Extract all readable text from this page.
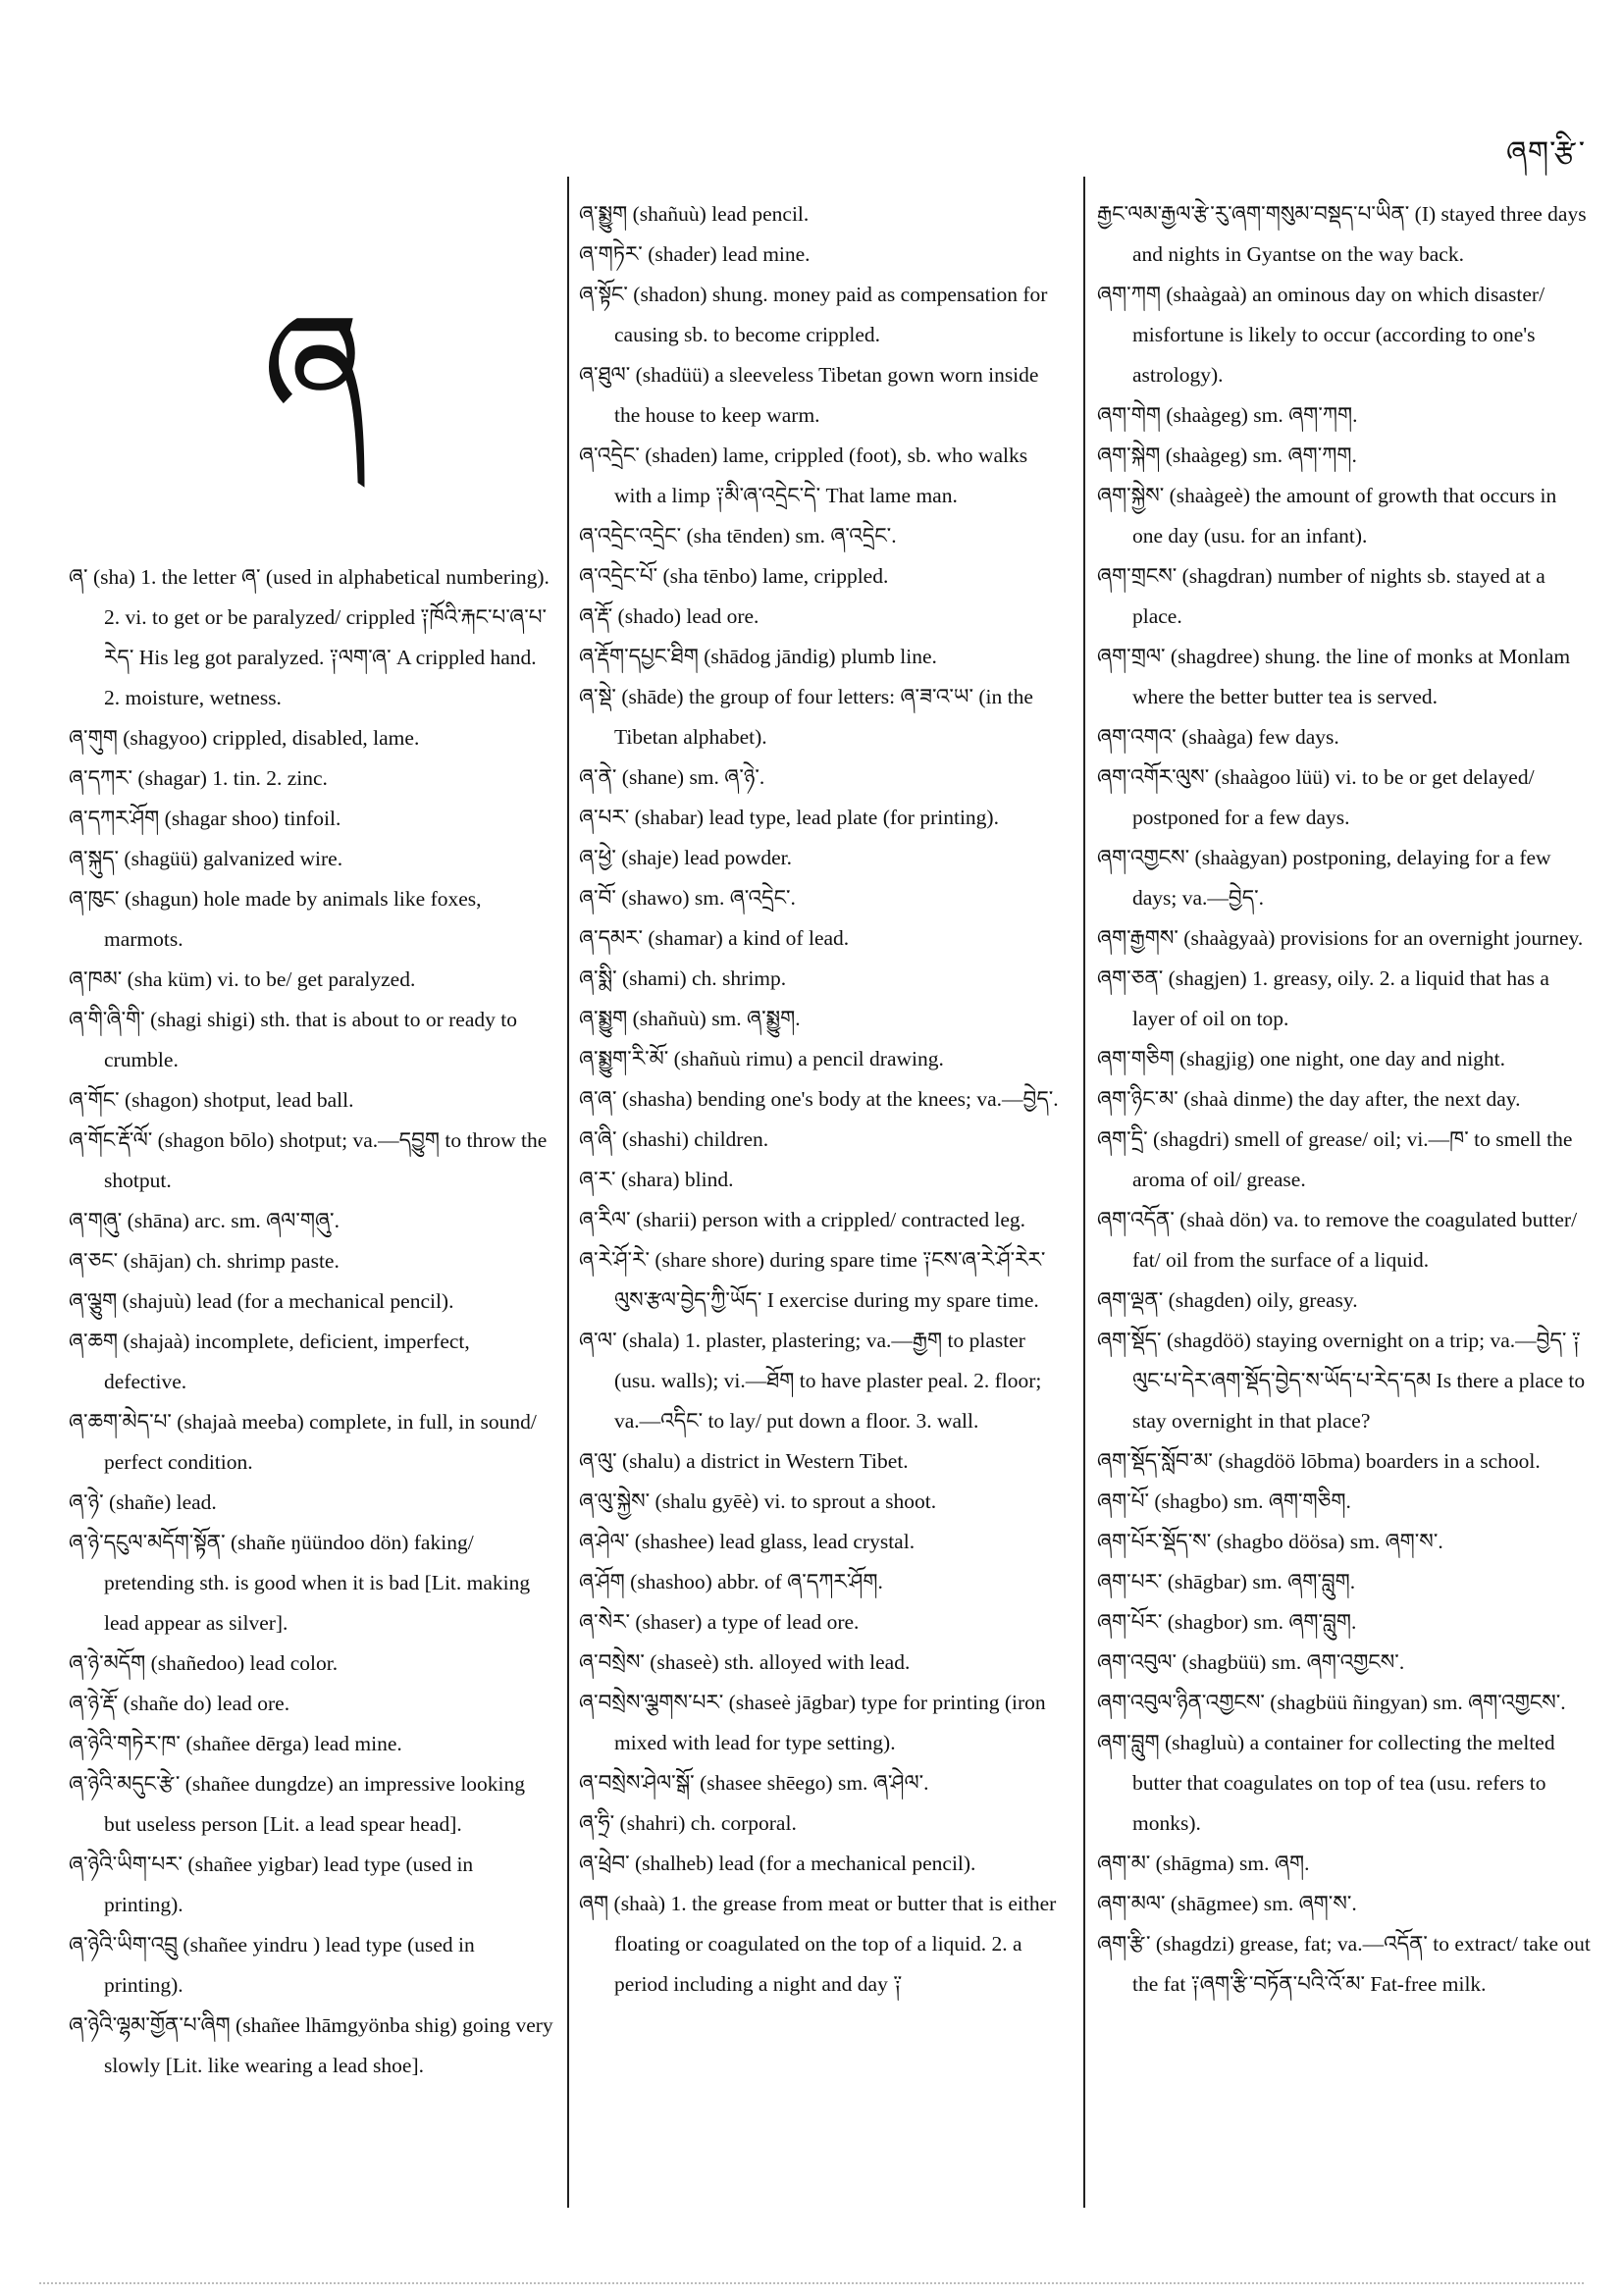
ཞག་རྩི་
ཞ

ཞ་ (sha) 1. the letter ཞ་ (used in alphabetical numbering). 2. vi. to get or be paralyzed/ crippled ༑ཁོའི་རྐང་པ་ཞ་པ་རེད་ His leg got paralyzed. ༑ལག་ཞ་ A crippled hand. 2. moisture, wetness.

ཞ་གུག (shagyoo) crippled, disabled, lame.

ཞ་དཀར་ (shagar) 1. tin. 2. zinc.

ཞ་དཀར་ཤོག (shagar shoo) tinfoil.

ཞ་སྐུད་ (shagüü) galvanized wire.

ཞ་ཁུང་ (shagun) hole made by animals like foxes, marmots.

ཞ་ཁམ་ (sha küm) vi. to be/ get paralyzed.

ཞ་གི་ཞི་གི་ (shagi shigi) sth. that is about to or ready to crumble.

ཞ་གོང་ (shagon) shotput, lead ball.

ཞ་གོང་རྡོ་ལོ་ (shagon bōlo) shotput; va.—དབྱུག to throw the shotput.

ཞ་གཞུ་ (shāna) arc. sm. ཞལ་གཞུ་.

ཞ་ཅང་ (shājan) ch. shrimp paste.

ཞ་ལྕུག (shajuù) lead (for a mechanical pencil).

ཞ་ཆག (shajaà) incomplete, deficient, imperfect, defective.

ཞ་ཆག་མེད་པ་ (shajaà meeba) complete, in full, in sound/ perfect condition.

ཞ་ཉེ་ (shañe) lead.

ཞ་ཉེ་དངུལ་མདོག་སྟོན་ (shañe ŋüündoo dön) faking/ pretending sth. is good when it is bad [Lit. making lead appear as silver].

ཞ་ཉེ་མདོག (shañedoo) lead color.

ཞ་ཉེ་རྡོ་ (shañe do) lead ore.

ཞ་ཉེའི་གཏེར་ཁ་ (shañee dērga) lead mine.

ཞ་ཉེའི་མདུང་རྩེ་ (shañee dungdze) an impressive looking but useless person [Lit. a lead spear head].

ཞ་ཉེའི་ཡིག་པར་ (shañee yigbar) lead type (used in printing).

ཞ་ཉེའི་ཡིག་འབྲུ (shañee yindru ) lead type (used in printing).

ཞ་ཉེའི་ལྷམ་གྱོན་པ་ཞིག (shañee lhāmgyönba shig) going very slowly [Lit. like wearing a lead shoe].

ཞ་སྨྱུག (shañuù) lead pencil.

ཞ་གཏེར་ (shader) lead mine.

ཞ་སྟོང་ (shadon) shung. money paid as compensation for causing sb. to become crippled.

ཞ་ཐུལ་ (shadüü) a sleeveless Tibetan gown worn inside the house to keep warm.

ཞ་འདྲེང་ (shaden) lame, crippled (foot), sb. who walks with a limp ༑མི་ཞ་འདྲེང་དེ་ That lame man.

ཞ་འདྲེང་འདྲེང་ (sha tēnden) sm. ཞ་འདྲེང་.

ཞ་འདྲེང་པོ་ (sha tēnbo) lame, crippled.

ཞ་རྡོ་ (shado) lead ore.

ཞ་རྡོག་དཔྱང་ཐིག (shādog jāndig) plumb line.

ཞ་སྡེ་ (shāde) the group of four letters: ཞ་ཟ་འ་ཡ་ (in the Tibetan alphabet).

ཞ་ནེ་ (shane) sm. ཞ་ཉེ་.

ཞ་པར་ (shabar) lead type, lead plate (for printing).

ཞ་ཕྱེ་ (shaje) lead powder.

ཞ་བོ་ (shawo) sm. ཞ་འདྲེང་.

ཞ་དམར་ (shamar) a kind of lead.

ཞ་སྨི་ (shami) ch. shrimp.

ཞ་སྨྱུག (shañuù) sm. ཞ་སྨྱུག.

ཞ་སྨྱུག་རི་མོ་ (shañuù rimu) a pencil drawing.

ཞ་ཞ་ (shasha) bending one's body at the knees; va.—བྱེད་.

ཞ་ཞི་ (shashi) children.

ཞ་ར་ (shara) blind.

ཞ་རིལ་ (sharii) person with a crippled/ contracted leg.

ཞ་རེ་ཤོ་རེ་ (share shore) during spare time ༑ངས་ཞ་རེ་ཤོ་རེར་ལུས་རྩལ་བྱེད་ཀྱི་ཡོད་ I exercise during my spare time.

ཞ་ལ་ (shala) 1. plaster, plastering; va.—རྒྱག to plaster (usu. walls); vi.—ཐོག to have plaster peal. 2. floor; va.—འདིང་ to lay/ put down a floor. 3. wall.

ཞ་ལུ་ (shalu) a district in Western Tibet.

ཞ་ལུ་སྐྱེས་ (shalu gyēè) vi. to sprout a shoot.

ཞ་ཤེལ་ (shashee) lead glass, lead crystal.

ཞ་ཤོག (shashoo) abbr. of ཞ་དཀར་ཤོག.

ཞ་སེར་ (shaser) a type of lead ore.

ཞ་བསྲེས་ (shaseè) sth. alloyed with lead.

ཞ་བསྲེས་ལྕགས་པར་ (shaseè jāgbar) type for printing (iron mixed with lead for type setting).

ཞ་བསྲེས་ཤེལ་སྒོ་ (shasee shēego) sm. ཞ་ཤེལ་.

ཞ་ཧྲི་ (shahri) ch. corporal.

ཞ་ཕྲེབ་ (shalheb) lead (for a mechanical pencil).

ཞག (shaà) 1. the grease from meat or butter that is either floating or coagulated on the top of a liquid. 2. a period including a night and day ༑

རྒྱང་ལམ་རྒྱལ་རྩེ་རུ་ཞག་གསུམ་བསྡད་པ་ཡིན་ (I) stayed three days and nights in Gyantse on the way back.

ཞག་ཀག (shaàgaà) an ominous day on which disaster/ misfortune is likely to occur (according to one's astrology).

ཞག་གེག (shaàgeg) sm. ཞག་ཀག.

ཞག་སྐེག (shaàgeg) sm. ཞག་ཀག.

ཞག་སྐྱེས་ (shaàgeè) the amount of growth that occurs in one day (usu. for an infant).

ཞག་གྲངས་ (shagdran) number of nights sb. stayed at a place.

ཞག་གྲལ་ (shagdree) shung. the line of monks at Monlam where the better butter tea is served.

ཞག་འགའ་ (shaàga) few days.

ཞག་འགོར་ལུས་ (shaàgoo lüü) vi. to be or get delayed/ postponed for a few days.

ཞག་འགྱངས་ (shaàgyan) postponing, delaying for a few days; va.—བྱེད་.

ཞག་རྒྱགས་ (shaàgyaà) provisions for an overnight journey.

ཞག་ཅན་ (shagjen) 1. greasy, oily. 2. a liquid that has a layer of oil on top.

ཞག་གཅིག (shagjig) one night, one day and night.

ཞག་ཉིང་མ་ (shaà dinme) the day after, the next day.

ཞག་དྲི་ (shagdri) smell of grease/ oil; vi.—ཁ་ to smell the aroma of oil/ grease.

ཞག་འདོན་ (shaà dön) va. to remove the coagulated butter/ fat/ oil from the surface of a liquid.

ཞག་ལྡན་ (shagden) oily, greasy.

ཞག་སྡོད་ (shagdöö) staying overnight on a trip; va.—བྱེད་ ༑ལུང་པ་དེར་ཞག་སྡོད་བྱེད་ས་ཡོད་པ་རེད་དམ Is there a place to stay overnight in that place?

ཞག་སྡོད་སློབ་མ་ (shagdöö lōbma) boarders in a school.

ཞག་པོ་ (shagbo) sm. ཞག་གཅིག.

ཞག་པོར་སྡོད་ས་ (shagbo döösa) sm. ཞག་ས་.

ཞག་པར་ (shāgbar) sm. ཞག་བླུག.

ཞག་པོར་ (shagbor) sm. ཞག་བླུག.

ཞག་འབུལ་ (shagbüü) sm. ཞག་འགྱངས་.

ཞག་འབུལ་ཉིན་འགྱངས་ (shagbüü ñingyan) sm. ཞག་འགྱངས་.

ཞག་བླུག (shagluù) a container for collecting the melted butter that coagulates on top of tea (usu. refers to monks).

ཞག་མ་ (shāgma) sm. ཞག.

ཞག་མལ་ (shāgmee) sm. ཞག་ས་.

ཞག་རྩི་ (shagdzi) grease, fat; va.—འདོན་ to extract/ take out the fat ༑ཞག་རྩི་བཏོན་པའི་འོ་མ་ Fat-free milk.
